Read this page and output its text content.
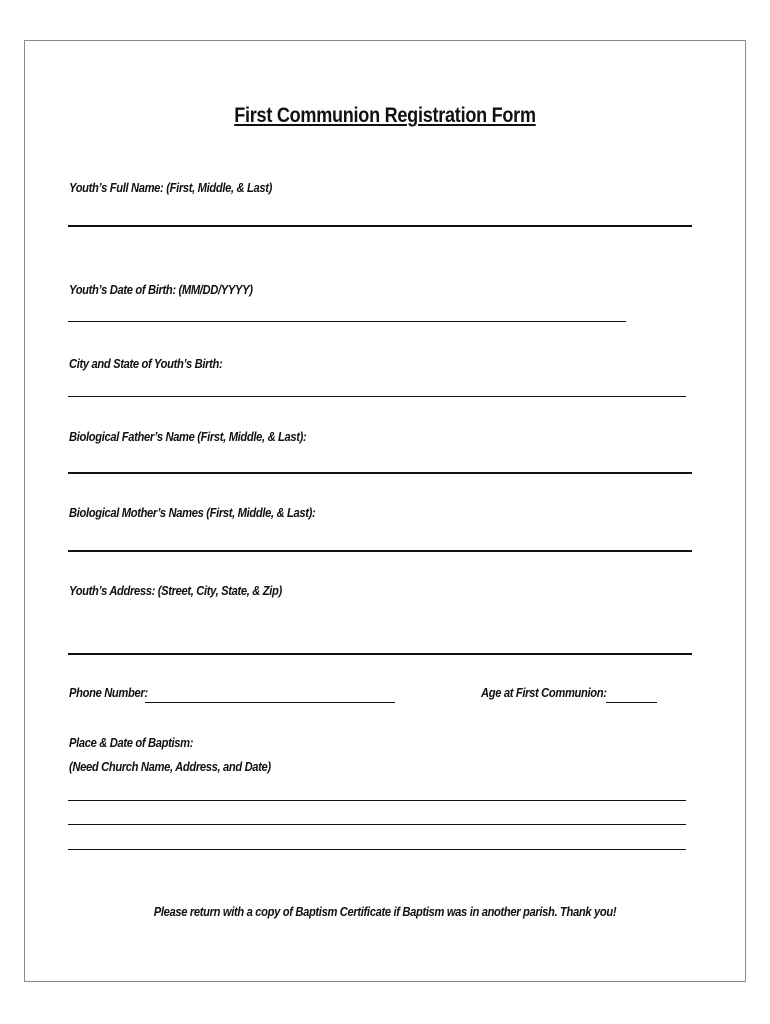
First Communion Registration Form
Youth’s Full Name: (First, Middle, & Last)
Youth’s Date of Birth: (MM/DD/YYYY)
City and State of Youth’s Birth:
Biological Father’s Name (First, Middle, & Last):
Biological Mother’s Names (First, Middle, & Last):
Youth’s Address: (Street, City, State, & Zip)
Phone Number:	Age at First Communion:
Place & Date of Baptism:
(Need Church Name, Address, and Date)
Please return with a copy of Baptism Certificate if Baptism was in another parish. Thank you!
